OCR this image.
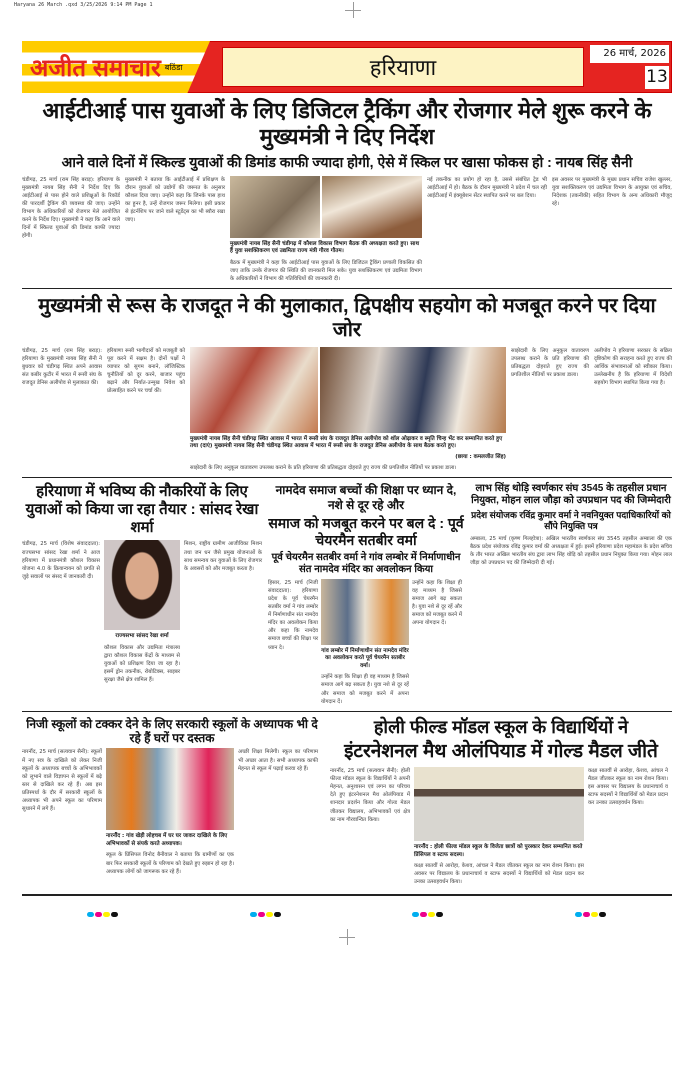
Haryana 26 March .qxd 3/25/2026 9:14 PM Page 1
अजीत समाचार बठिंडा	हरियाणा
26 मार्च, 2026
13
आईटीआई पास युवाओं के लिए डिजिटल ट्रैकिंग और रोजगार मेले शुरू करने के मुख्यमंत्री ने दिए निर्देश
आने वाले दिनों में स्किल्ड युवाओं की डिमांड काफी ज्यादा होगी, ऐसे में स्किल पर खासा फोकस हो : नायब सिंह सैनी
चंडीगढ़, 25 मार्च (राम सिंह बराड़): हरियाणा के मुख्यमंत्री नायब सिंह सैनी ने निर्देश दिए कि आईटीआई से पास होने वाले प्रशिक्षुओं के रिकॉर्ड की पारदर्शी ट्रैकिंग की व्यवस्था की जाए। उन्होंने विभाग के अधिकारियों को रोजगार मेले आयोजित करने के निर्देश दिए। मुख्यमंत्री ने कहा कि आने वाले दिनों में स्किल्ड युवाओं की डिमांड काफी ज्यादा होगी।
मुख्यमंत्री ने बताया कि आईटीआई में प्रशिक्षण के दौरान युवाओं को उद्योगों की जरूरत के अनुसार कौशल दिया जाए। उन्होंने कहा कि जिनके पास हाथ का हुनर है, उन्हें रोजगार जरूर मिलेगा। इसी प्रकार से इंटर्नशिप पर जाने वाले स्टूडेंट्स का भी ब्यौरा रखा जाए।
मुख्यमंत्री नायब सिंह सैनी चंडीगढ़ में कौशल विकास विभाग बैठक की अध्यक्षता करते हुए। साथ हैं युवा सशक्तिकरण एवं उद्यमिता राज्य मंत्री गौरव गौतम।
बैठक में मुख्यमंत्री ने कहा कि आईटीआई पास युवाओं के लिए डिजिटल ट्रैकिंग प्रणाली विकसित की जाए ताकि उनके रोजगार की स्थिति की जानकारी मिल सके। युवा सशक्तिकरण एवं उद्यमिता विभाग के अधिकारियों ने विभाग की गतिविधियों की जानकारी दी।
नई तकनीक का प्रयोग हो रहा है, उससे संबंधित ट्रेड भी आईटीआई में हो। बैठक के दौरान मुख्यमंत्री ने प्रदेश में चल रही आईटीआई में इंक्यूबेशन सेंटर स्थापित करने पर बल दिया।
इस अवसर पर मुख्यमंत्री के मुख्य प्रधान सचिव राजेश खुल्लर, युवा सशक्तिकरण एवं उद्यमिता विभाग के आयुक्त एवं सचिव, निदेशक (तकनीकी) सहित विभाग के अन्य अधिकारी मौजूद रहे।
मुख्यमंत्री से रूस के राजदूत ने की मुलाकात, द्विपक्षीय सहयोग को मजबूत करने पर दिया जोर
चंडीगढ़, 25 मार्च (राम सिंह बराड़): हरियाणा के मुख्यमंत्री नायब सिंह सैनी ने बुधवार को चंडीगढ़ स्थित अपने आवास संत कबीर कुटीर में भारत में रूसी संघ के राजदूत डेनिस अलीपोव से मुलाकात की।
हरियाणा रूसी भागीदारों को मजबूती को पूरा करने में सक्षम है। दोनों पक्षों ने व्यापार को सुगम बनाने, लॉजिस्टिक चुनौतियों को दूर करने, बाजार पहुंच बढ़ाने और निर्यात-उन्मुख निवेश को प्रोत्साहित करने पर चर्चा की।
मुख्यमंत्री नायब सिंह सैनी चंडीगढ़ स्थित आवास में भारत में रूसी संघ के राजदूत डेनिस अलीपोव को शॉल ओढ़ाकर व स्मृति चिन्ह भेंट कर सम्मानित करते हुए तथा (दाएं) मुख्यमंत्री नायब सिंह सैनी चंडीगढ़ स्थित आवास में भारत में रूसी संघ के राजदूत डेनिस अलीपोव के साथ बैठक करते हुए।
(छाया : कमलजीत सिंह)
साझेदारी के लिए अनुकूल वातावरण उपलब्ध कराने के प्रति हरियाणा की प्रतिबद्धता दोहराते हुए राज्य की प्रगतिशील नीतियों पर प्रकाश डाला।
साझेदारी के लिए अनुकूल वातावरण उपलब्ध कराने के प्रति हरियाणा की प्रतिबद्धता दोहराते हुए राज्य की प्रगतिशील नीतियों पर प्रकाश डाला।
अलीपोव ने हरियाणा सरकार के सक्रिय दृष्टिकोण की सराहना करते हुए राज्य की आर्थिक संभावनाओं को स्वीकार किया। उल्लेखनीय है कि हरियाणा में विदेशी सहयोग विभाग स्थापित किया गया है।
हरियाणा में भविष्य की नौकरियों के लिए युवाओं को किया जा रहा तैयार : सांसद रेखा शर्मा
चंडीगढ़, 25 मार्च (विशेष संवाददाता): राज्यसभा सांसद रेखा शर्मा ने आज हरियाणा में प्रधानमंत्री कौशल विकास योजना 4.0 के क्रियान्वयन को प्रगति से जुड़े सवालों पर संसद में जानकारी दी।
राज्यसभा सांसद रेखा शर्मा
कौशल विकास और उद्यमिता मंत्रालय द्वारा कौशल विकास केंद्रों के माध्यम से युवाओं को प्रशिक्षण दिया जा रहा है। इसमें ड्रोन तकनीक, रोबोटिक्स, साइबर सुरक्षा जैसे क्षेत्र शामिल हैं।
मिशन, राष्ट्रीय ग्रामीण आजीविका मिशन तथा जन धन जैसे प्रमुख योजनाओं के साथ समन्वय कर युवाओं के लिए रोजगार के अवसरों को और मजबूत करता है।
नामदेव समाज बच्चों की शिक्षा पर ध्यान दे, नशे से दूर रहे और
समाज को मजबूत करने पर बल दे : पूर्व चेयरमैन सतबीर वर्मा
पूर्व चेयरमैन सतबीर वर्मा ने गांव लम्बोर में निर्माणाधीन संत नामदेव मंदिर का अवलोकन किया
हिसार, 25 मार्च (निजी संवाददाता): हरियाणा प्रदेश के पूर्व चेयरमैन सतबीर वर्मा ने गांव लम्बोर में निर्माणाधीन संत नामदेव मंदिर का अवलोकन किया और कहा कि नामदेव समाज बच्चों की शिक्षा पर ध्यान दे।
गांव लम्बोर में निर्माणाधीन संत नामदेव मंदिर का अवलोकन करते पूर्व चेयरमैन सतबीर वर्मा।
उन्होंने कहा कि शिक्षा ही वह माध्यम है जिससे समाज आगे बढ़ सकता है। युवा नशे से दूर रहें और समाज को मजबूत करने में अपना योगदान दें।
उन्होंने कहा कि शिक्षा ही वह माध्यम है जिससे समाज आगे बढ़ सकता है। युवा नशे से दूर रहें और समाज को मजबूत करने में अपना योगदान दें।
लाभ सिंह थोड़ि स्वर्णकार संघ 3545 के तहसील प्रधान नियुक्त, मोहन लाल जौड़ा को उपप्रधान पद की जिम्मेदारी
प्रदेश संयोजक रविंद्र कुमार वर्मा ने नवनियुक्त पदाधिकारियों को सौंपे नियुक्ति पत्र
अम्बाला, 25 मार्च (कृष्ण गिलहोत्रा): अखिल भारतीय स्वर्णकार संघ 3545 तहसील अम्बाला की एक बैठक प्रदेश संयोजक रविंद्र कुमार वर्मा की अध्यक्षता में हुई। इसमें हरियाणा प्रदेश महामंडल के प्रदेश सचिव के तौर भारत अखिल भारतीय संघ द्वारा लाभ सिंह थोड़ि को तहसील प्रधान नियुक्त किया गया। मोहन लाल जौड़ा को उपप्रधान पद की जिम्मेदारी दी गई।
निजी स्कूलों को टक्कर देने के लिए सरकारी स्कूलों के अध्यापक भी दे रहे हैं घरों पर दस्तक
नारनौंद, 25 मार्च (सत्यवान सैनी): स्कूलों में नए सत्र के दाखिले को लेकर निजी स्कूलों के अध्यापक बच्चों के अभिभावकों को लुभाने वाले विज्ञापन से स्कूलों में बढ़े स्तर से दाखिले कर रहे हैं। अब इस प्रतिस्पर्धा के दौर में सरकारी स्कूलों के अध्यापक भी अपने स्कूल का परिणाम सुधारने में लगे हैं।
नारनौंद : गांव खेड़ी लोहचब में घर घर जाकर दाखिले के लिए अभिभावकों से संपर्क करते अध्यापक।
स्कूल के प्रिंसिपल विनोद बैनीवाल ने बताया कि ग्रामीणों का एक बार फिर सरकारी स्कूलों के परिणाम को देखते हुए रुझान हो रहा है। अध्यापक लोगों को जागरूक कर रहे हैं।
अच्छी शिक्षा मिलेगी। स्कूल का परिणाम भी अच्छा आता है। सभी अध्यापक काफी मेहनत से स्कूल में पढ़ाई करवा रहे हैं।
होली फील्ड मॉडल स्कूल के विद्यार्थियों ने
इंटरनेशनल मैथ ओलंपियाड में गोल्ड मैडल जीते
नारनौंद, 25 मार्च (सत्यवान सैनी): होली फील्ड मॉडल स्कूल के विद्यार्थियों ने अपनी मेहनत, अनुशासन एवं लगन का परिचय देते हुए इंटरनेशनल मैथ ओलंपियाड में शानदार प्रदर्शन किया और गोल्ड मेडल जीतकर विद्यालय, अभिभावकों एवं क्षेत्र का नाम गौरवान्वित किया।
नारनौंद : होली फील्ड मॉडल स्कूल के विजेता छात्रों को पुरस्कार देकर सम्मानित करते प्रिंसिपल व स्टाफ सदस्य।
कक्षा सातवीं से आरोहा, केशव, आंचल ने मैडल जीतकर स्कूल का नाम रोशन किया। इस अवसर पर विद्यालय के प्रधानाचार्य व स्टाफ सदस्यों ने विद्यार्थियों को मेडल प्रदान कर उनका उत्साहवर्धन किया।
कक्षा सातवीं से आरोहा, केशव, आंचल ने मैडल जीतकर स्कूल का नाम रोशन किया। इस अवसर पर विद्यालय के प्रधानाचार्य व स्टाफ सदस्यों ने विद्यार्थियों को मेडल प्रदान कर उनका उत्साहवर्धन किया।
